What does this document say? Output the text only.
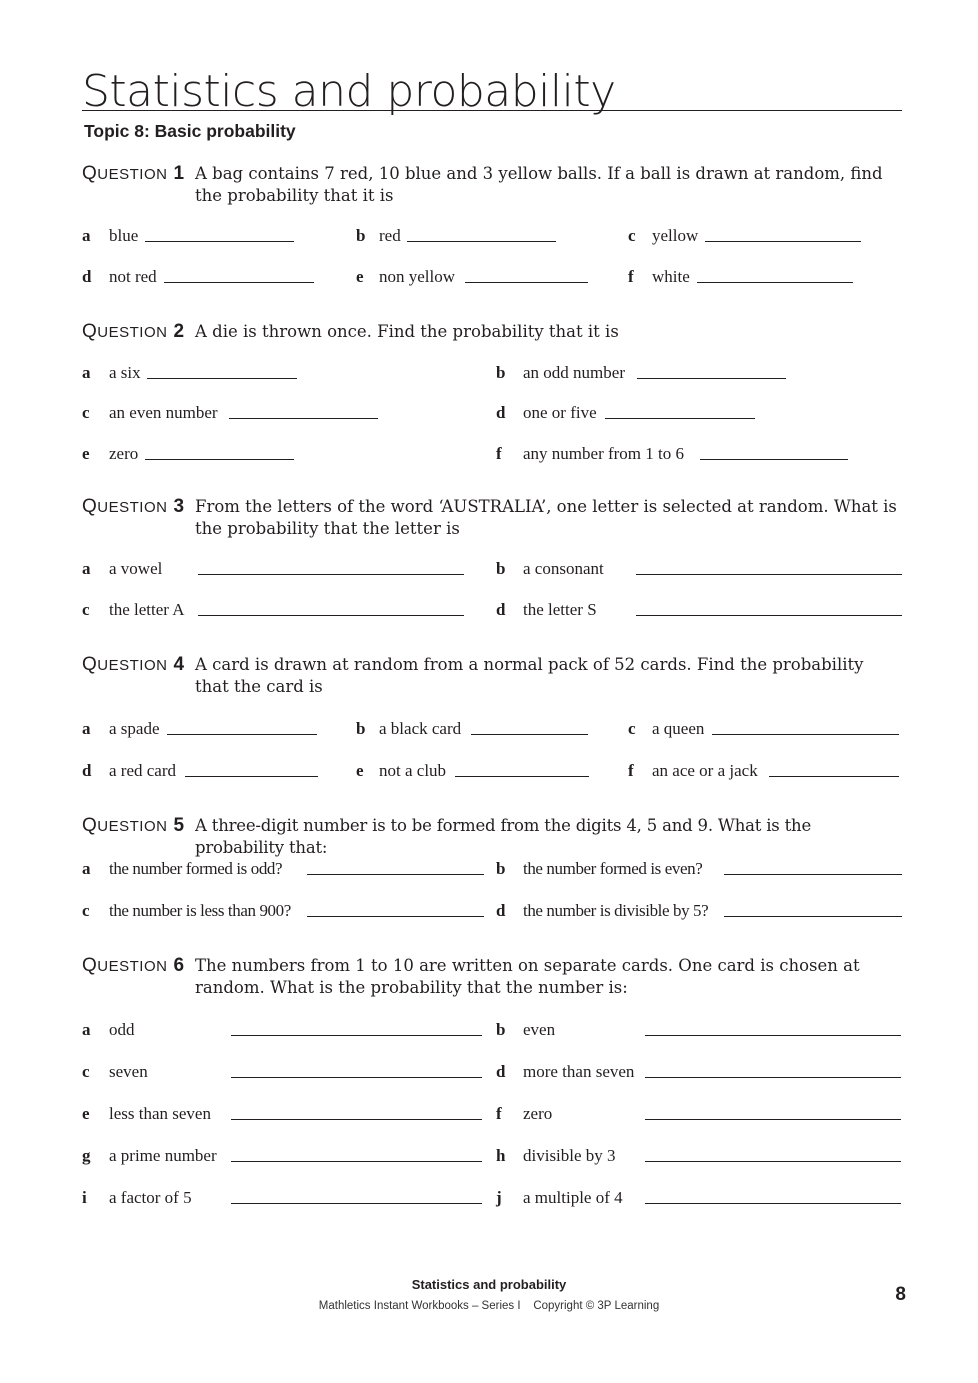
Statistics and probability
Topic 8: Basic probability
QUESTION 1 A bag contains 7 red, 10 blue and 3 yellow balls. If a ball is drawn at random, find the probability that it is
a blue	b red	c yellow
d not red	e non yellow	f white
QUESTION 2 A die is thrown once. Find the probability that it is
a a six	b an odd number
c an even number	d one or five
e zero	f any number from 1 to 6
QUESTION 3 From the letters of the word ‘AUSTRALIA’, one letter is selected at random. What is the probability that the letter is
a a vowel	b a consonant
c the letter A	d the letter S
QUESTION 4 A card is drawn at random from a normal pack of 52 cards. Find the probability that the card is
a a spade	b a black card	c a queen
d a red card	e not a club	f an ace or a jack
QUESTION 5 A three-digit number is to be formed from the digits 4, 5 and 9. What is the probability that:
a the number formed is odd?	b the number formed is even?
c the number is less than 900?	d the number is divisible by 5?
QUESTION 6 The numbers from 1 to 10 are written on separate cards. One card is chosen at random. What is the probability that the number is:
a odd	b even
c seven	d more than seven
e less than seven	f zero
g a prime number	h divisible by 3
i a factor of 5	j a multiple of 4
Statistics and probability
Mathletics Instant Workbooks – Series I    Copyright © 3P Learning
8
